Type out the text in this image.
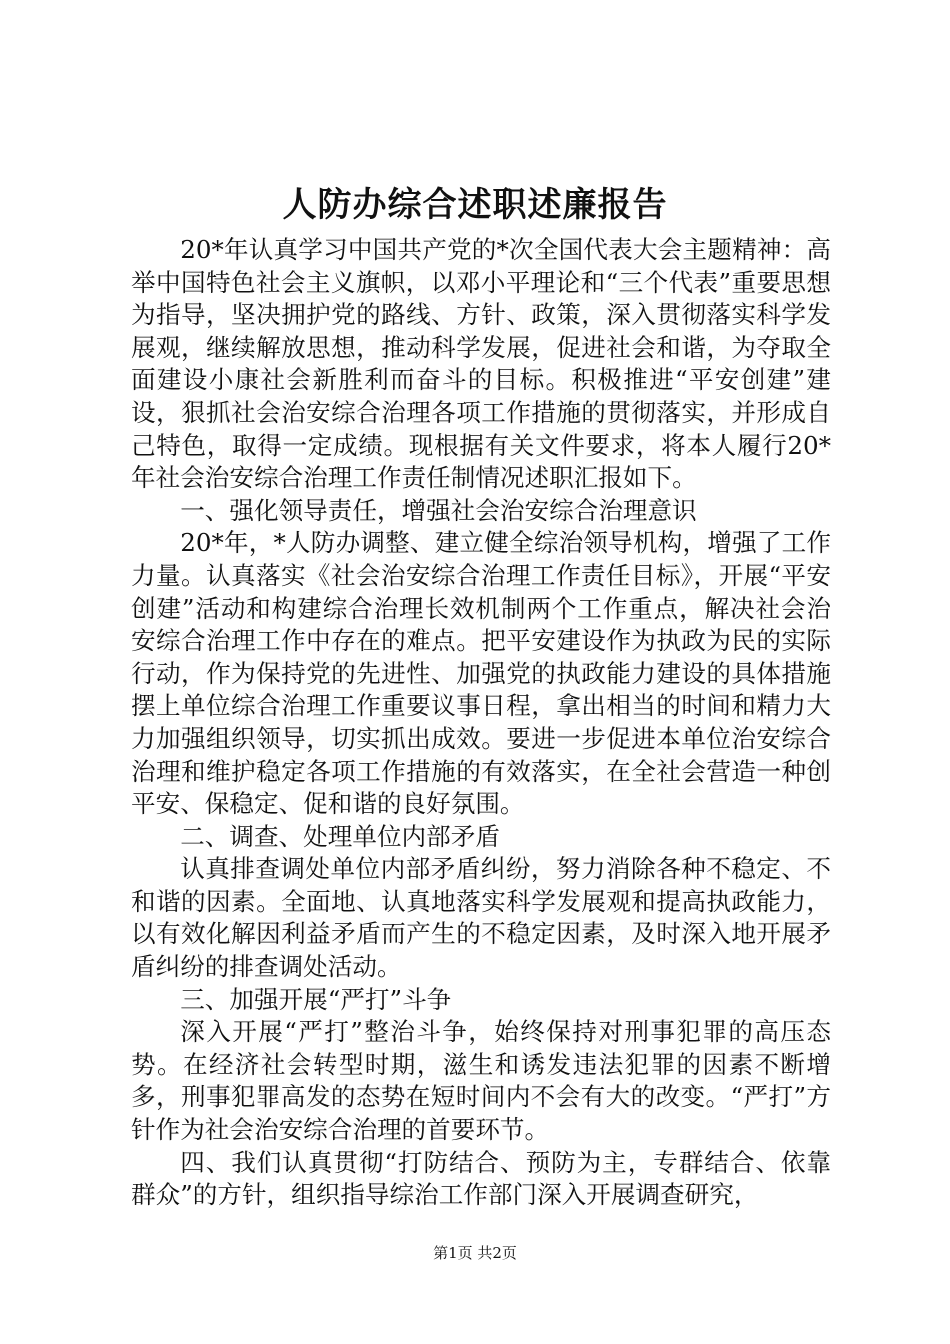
人防办综合述职述廉报告

20*年认真学习中国共产党的*次全国代表大会主题精神：高举中国特色社会主义旗帜，以邓小平理论和“三个代表”重要思想为指导，坚决拥护党的路线、方针、政策，深入贯彻落实科学发展观，继续解放思想，推动科学发展，促进社会和谐，为夺取全面建设小康社会新胜利而奋斗的目标。积极推进“平安创建”建设，狠抓社会治安综合治理各项工作措施的贯彻落实，并形成自己特色，取得一定成绩。现根据有关文件要求，将本人履行20*年社会治安综合治理工作责任制情况述职汇报如下。

一、强化领导责任，增强社会治安综合治理意识

20*年，*人防办调整、建立健全综治领导机构，增强了工作力量。认真落实《社会治安综合治理工作责任目标》，开展“平安创建”活动和构建综合治理长效机制两个工作重点，解决社会治安综合治理工作中存在的难点。把平安建设作为执政为民的实际行动，作为保持党的先进性、加强党的执政能力建设的具体措施摆上单位综合治理工作重要议事日程，拿出相当的时间和精力大力加强组织领导，切实抓出成效。要进一步促进本单位治安综合治理和维护稳定各项工作措施的有效落实，在全社会营造一种创平安、保稳定、促和谐的良好氛围。

二、调查、处理单位内部矛盾

认真排查调处单位内部矛盾纠纷，努力消除各种不稳定、不和谐的因素。全面地、认真地落实科学发展观和提高执政能力，以有效化解因利益矛盾而产生的不稳定因素，及时深入地开展矛盾纠纷的排查调处活动。

三、加强开展“严打”斗争

深入开展“严打”整治斗争，始终保持对刑事犯罪的高压态势。在经济社会转型时期，滋生和诱发违法犯罪的因素不断增多，刑事犯罪高发的态势在短时间内不会有大的改变。“严打”方针作为社会治安综合治理的首要环节。

四、我们认真贯彻“打防结合、预防为主，专群结合、依靠群众”的方针，组织指导综治工作部门深入开展调查研究，

第1页 共2页
